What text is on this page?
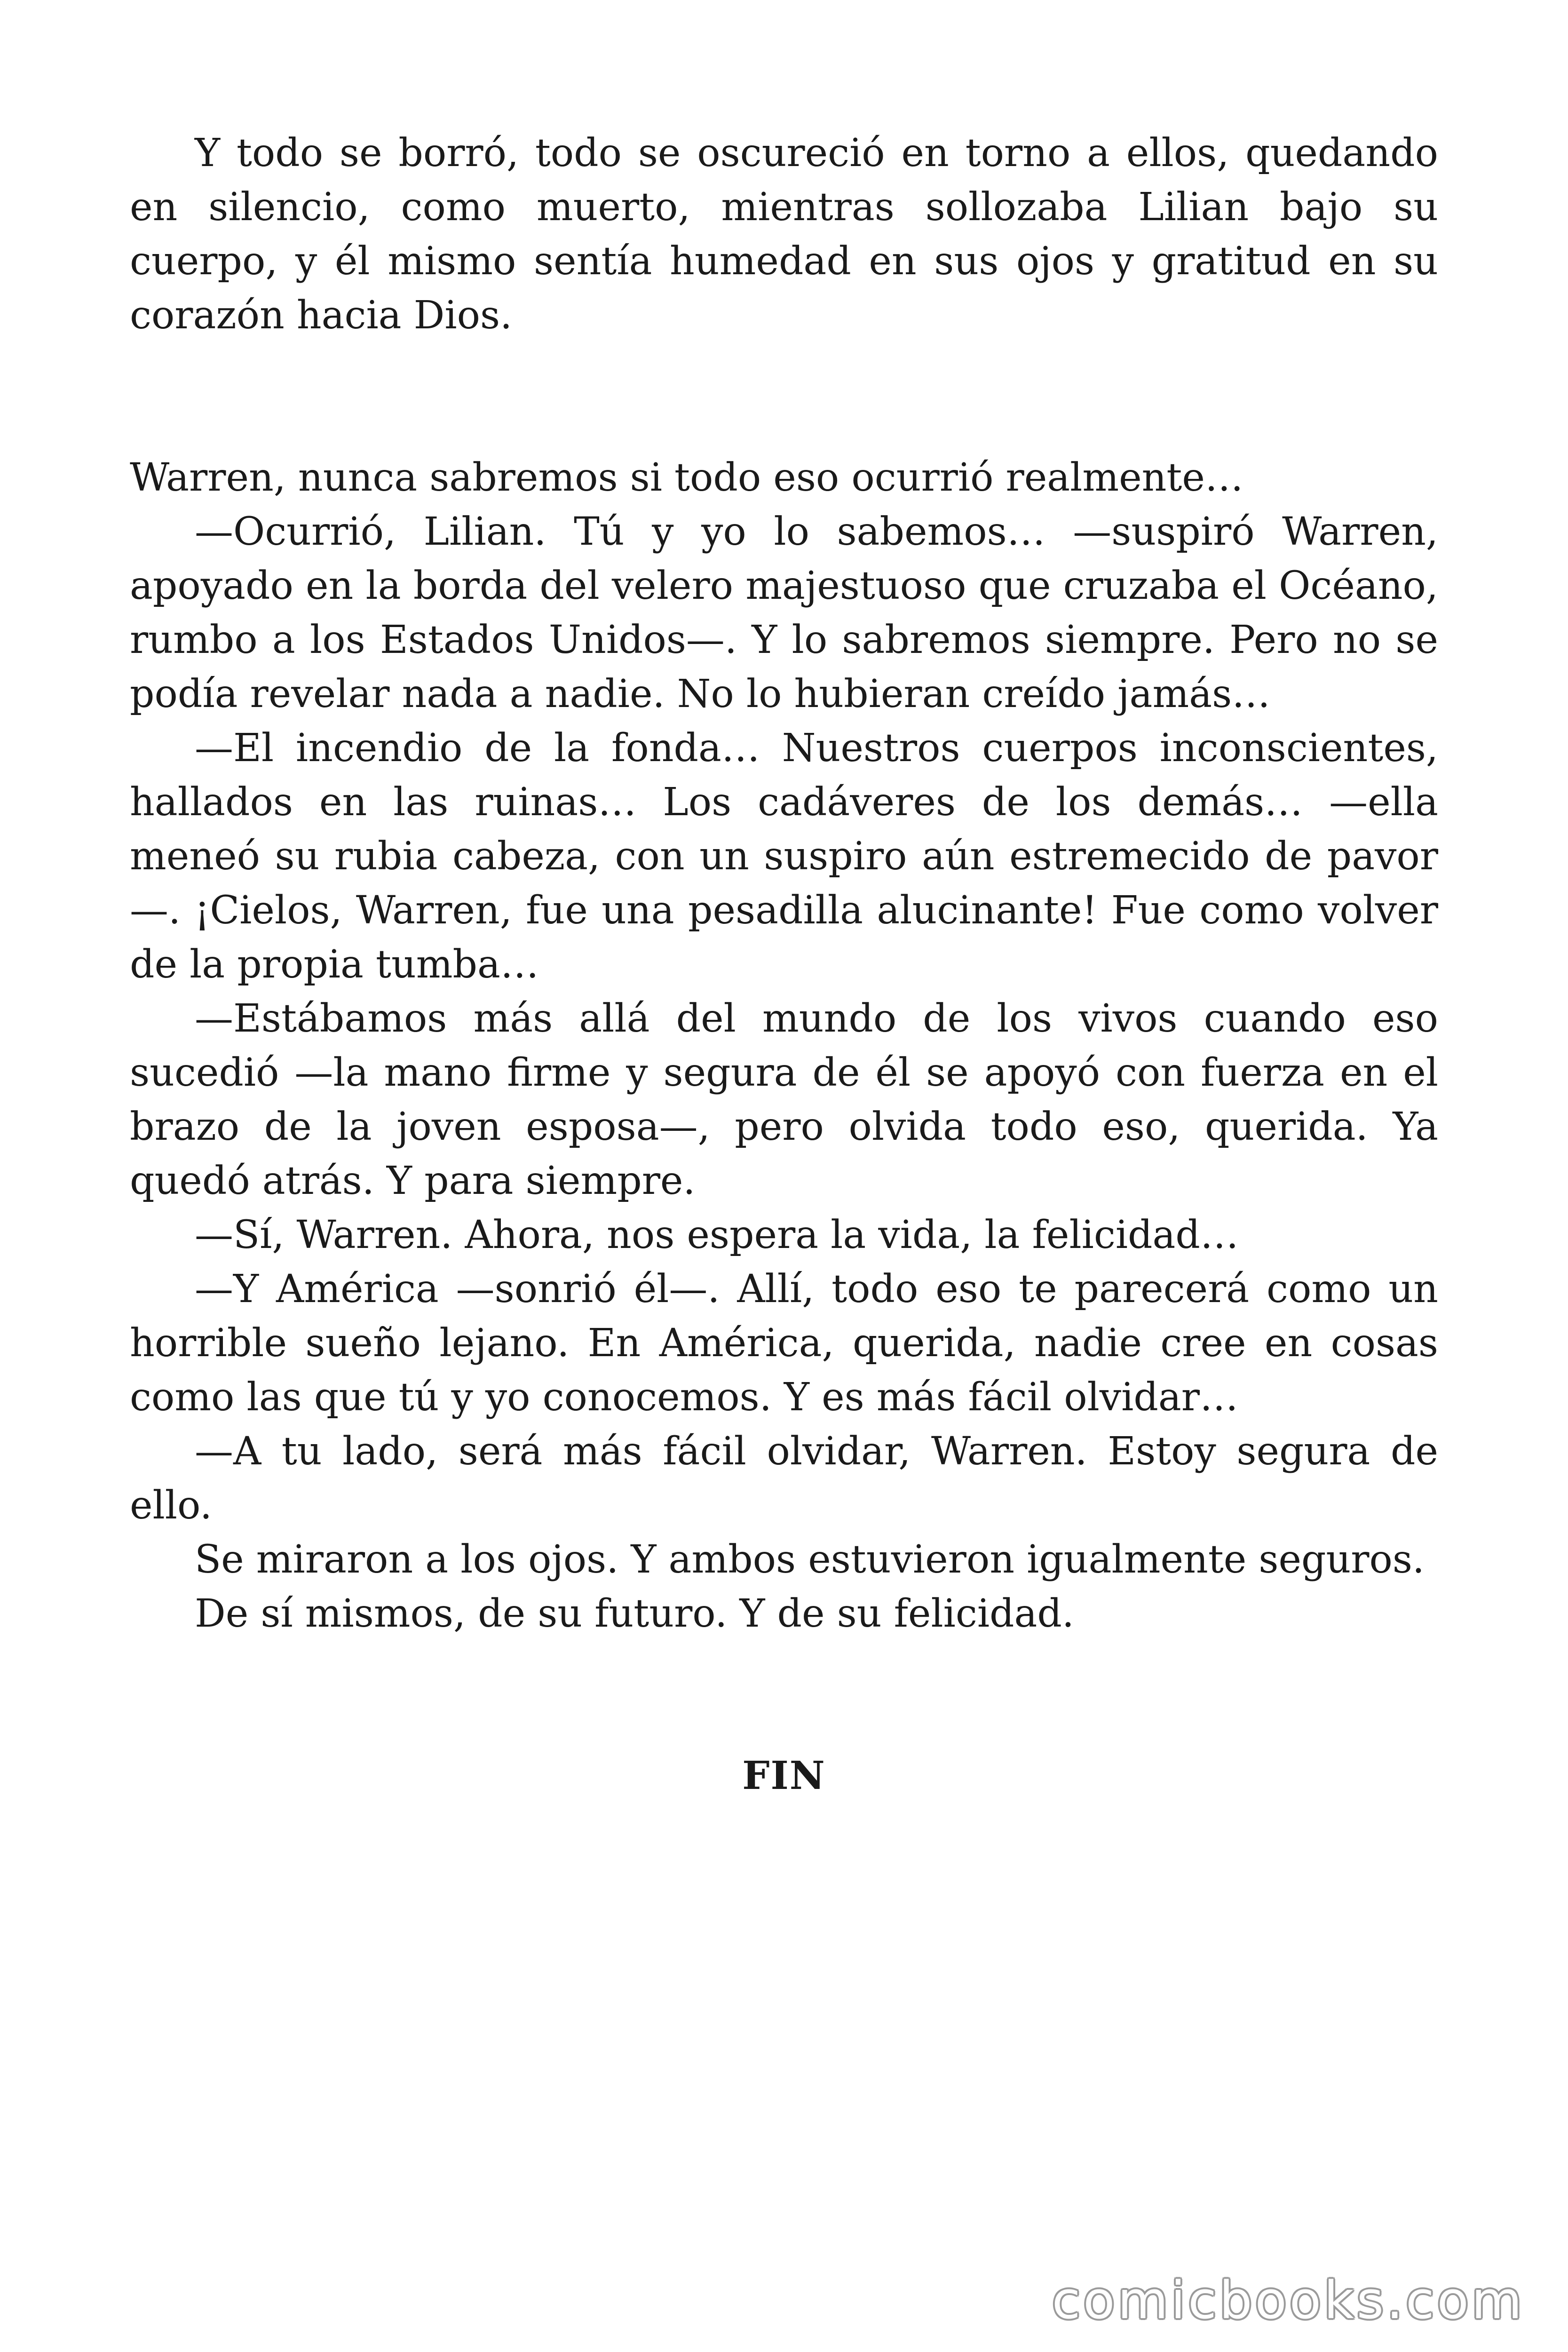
Y todo se borró, todo se oscureció en torno a ellos, quedando en silencio, como muerto, mientras sollozaba Lilian bajo su cuerpo, y él mismo sentía humedad en sus ojos y gratitud en su corazón hacia Dios.

Warren, nunca sabremos si todo eso ocurrió realmente…

—Ocurrió, Lilian. Tú y yo lo sabemos… —suspiró Warren, apoyado en la borda del velero majestuoso que cruzaba el Océano, rumbo a los Estados Unidos—. Y lo sabremos siempre. Pero no se podía revelar nada a nadie. No lo hubieran creído jamás…

—El incendio de la fonda… Nuestros cuerpos inconscientes, hallados en las ruinas… Los cadáveres de los demás… —ella meneó su rubia cabeza, con un suspiro aún estremecido de pavor—. ¡Cielos, Warren, fue una pesadilla alucinante! Fue como volver de la propia tumba…

—Estábamos más allá del mundo de los vivos cuando eso sucedió —la mano firme y segura de él se apoyó con fuerza en el brazo de la joven esposa—, pero olvida todo eso, querida. Ya quedó atrás. Y para siempre.

—Sí, Warren. Ahora, nos espera la vida, la felicidad…

—Y América —sonrió él—. Allí, todo eso te parecerá como un horrible sueño lejano. En América, querida, nadie cree en cosas como las que tú y yo conocemos. Y es más fácil olvidar…

—A tu lado, será más fácil olvidar, Warren. Estoy segura de ello.

Se miraron a los ojos. Y ambos estuvieron igualmente seguros.

De sí mismos, de su futuro. Y de su felicidad.

FIN

comicbooks.com
